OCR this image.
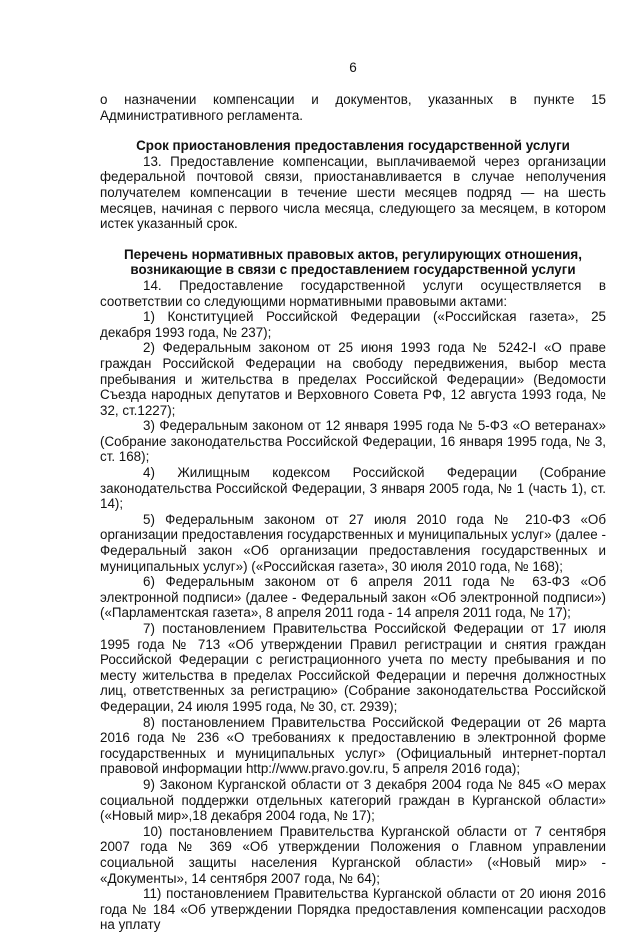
6

о назначении компенсации и документов, указанных в пункте 15 Административного регламента.

Срок приостановления предоставления государственной услуги

13. Предоставление компенсации, выплачиваемой через организации федеральной почтовой связи, приостанавливается в случае неполучения получателем компенсации в течение шести месяцев подряд — на шесть месяцев, начиная с первого числа месяца, следующего за месяцем, в котором истек указанный срок.

Перечень нормативных правовых актов, регулирующих отношения,
возникающие в связи с предоставлением государственной услуги

14. Предоставление государственной услуги осуществляется в соответствии со следующими нормативными правовыми актами:

1) Конституцией Российской Федерации («Российская газета», 25 декабря 1993 года, № 237);

2) Федеральным законом от 25 июня 1993 года № 5242-I «О праве граждан Российской Федерации на свободу передвижения, выбор места пребывания и жительства в пределах Российской Федерации» (Ведомости Съезда народных депутатов и Верховного Совета РФ, 12 августа 1993 года, № 32, ст.1227);

3) Федеральным законом от 12 января 1995 года № 5-ФЗ «О ветеранах» (Собрание законодательства Российской Федерации, 16 января 1995 года, № 3, ст. 168);

4) Жилищным кодексом Российской Федерации (Собрание законодательства Российской Федерации, 3 января 2005 года, № 1 (часть 1), ст. 14);

5) Федеральным законом от 27 июля 2010 года № 210-ФЗ «Об организации предоставления государственных и муниципальных услуг» (далее - Федеральный закон «Об организации предоставления государственных и муниципальных услуг») («Российская газета», 30 июля 2010 года, № 168);

6) Федеральным законом от 6 апреля 2011 года № 63-ФЗ «Об электронной подписи» (далее - Федеральный закон «Об электронной подписи») («Парламентская газета», 8 апреля 2011 года - 14 апреля 2011 года, № 17);

7) постановлением Правительства Российской Федерации от 17 июля 1995 года № 713 «Об утверждении Правил регистрации и снятия граждан Российской Федерации с регистрационного учета по месту пребывания и по месту жительства в пределах Российской Федерации и перечня должностных лиц, ответственных за регистрацию» (Собрание законодательства Российской Федерации, 24 июля 1995 года, № 30, ст. 2939);

8) постановлением Правительства Российской Федерации от 26 марта 2016 года № 236 «О требованиях к предоставлению в электронной форме государственных и муниципальных услуг» (Официальный интернет-портал правовой информации http://www.pravo.gov.ru, 5 апреля 2016 года);

9) Законом Курганской области от 3 декабря 2004 года № 845 «О мерах социальной поддержки отдельных категорий граждан в Курганской области» («Новый мир»,18 декабря 2004 года, № 17);

10) постановлением Правительства Курганской области от 7 сентября 2007 года № 369 «Об утверждении Положения о Главном управлении социальной защиты населения Курганской области» («Новый мир» - «Документы», 14 сентября 2007 года, № 64);

11) постановлением Правительства Курганской области от 20 июня 2016 года № 184 «Об утверждении Порядка предоставления компенсации расходов на уплату
